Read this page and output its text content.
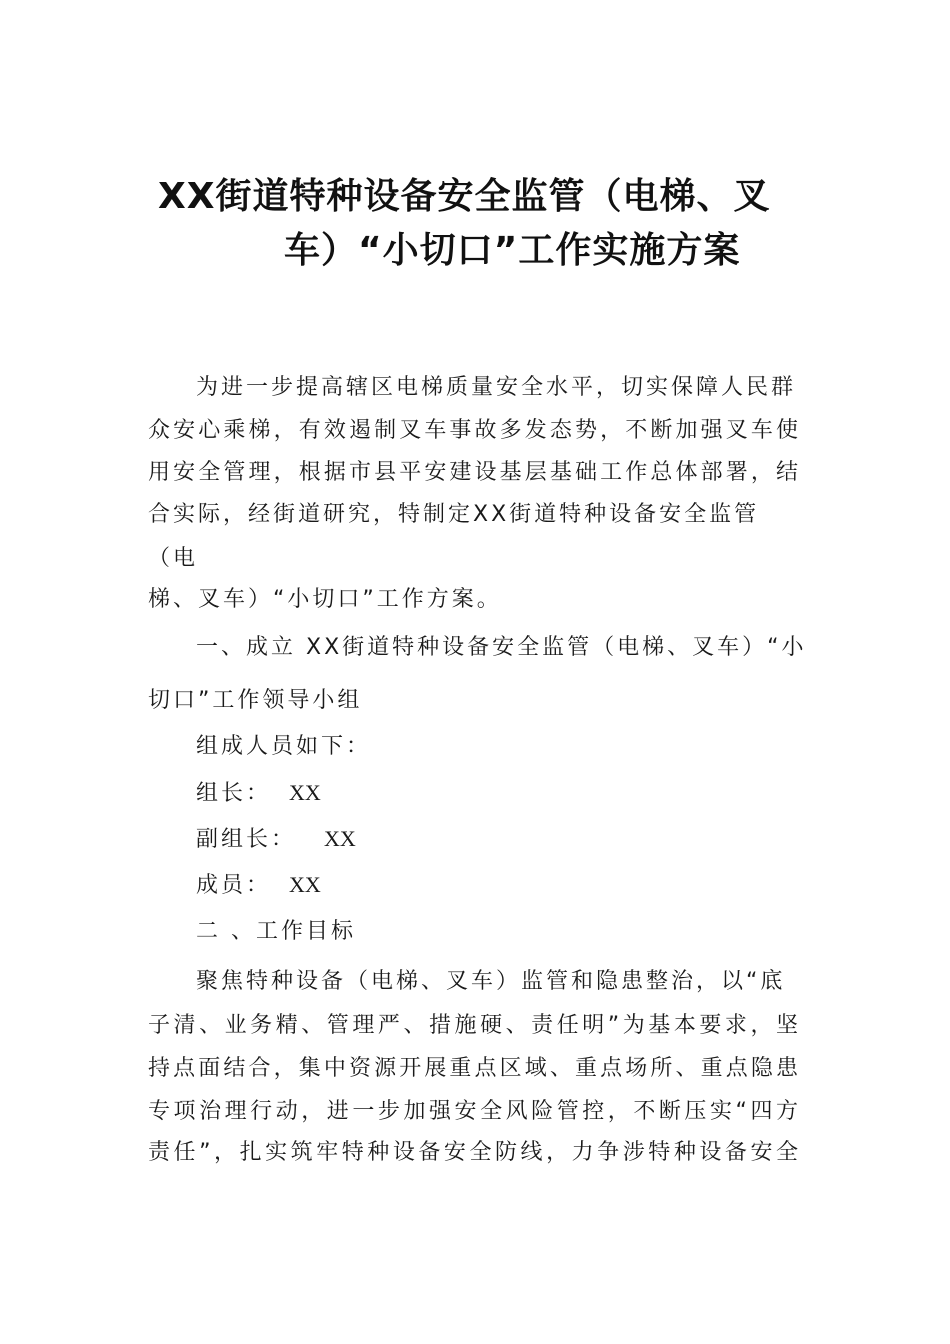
XX街道特种设备安全监管（电梯、叉
车）“小切口”工作实施方案
为进一步提高辖区电梯质量安全水平，切实保障人民群
众安心乘梯，有效遏制叉车事故多发态势，不断加强叉车使
用安全管理，根据市县平安建设基层基础工作总体部署，结
合实际，经街道研究，特制定XX街道特种设备安全监管
（电
梯、叉车）“小切口”工作方案。
一、成立 XX街道特种设备安全监管（电梯、叉车）“小
切口”工作领导小组
组成人员如下：
组长： XX
副组长： XX
成员： XX
二 、工作目标
聚焦特种设备（电梯、叉车）监管和隐患整治，以“底
子清、业务精、管理严、措施硬、责任明”为基本要求，坚
持点面结合，集中资源开展重点区域、重点场所、重点隐患
专项治理行动，进一步加强安全风险管控，不断压实“四方
责任”，扎实筑牢特种设备安全防线，力争涉特种设备安全
